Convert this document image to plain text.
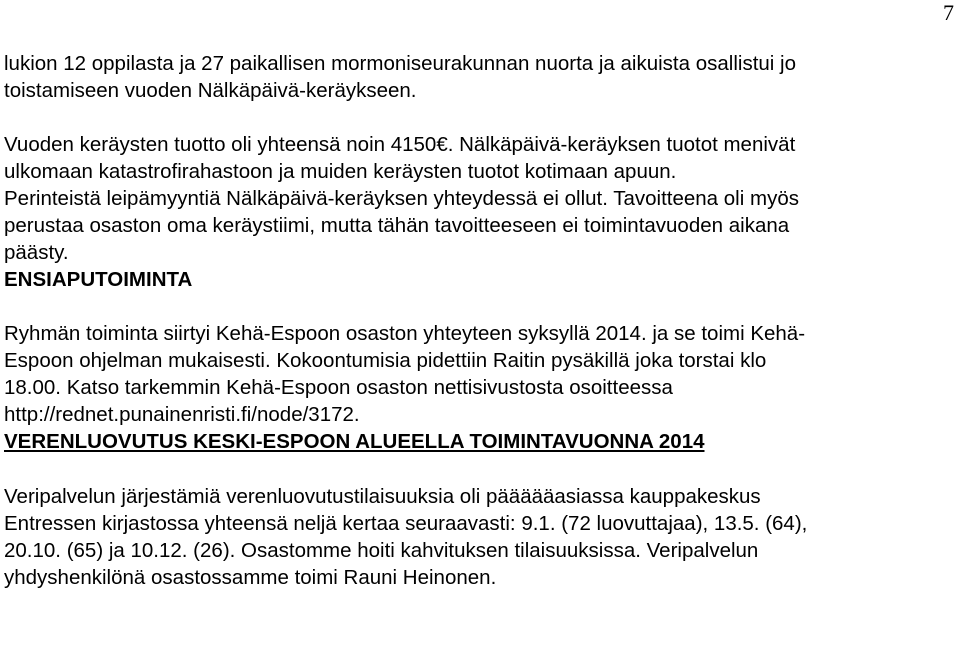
7

lukion 12 oppilasta ja 27 paikallisen mormoniseurakunnan nuorta ja aikuista osallistui jo
toistamiseen vuoden Nälkäpäivä-keräykseen.

Vuoden keräysten tuotto oli yhteensä noin 4150€. Nälkäpäivä-keräyksen tuotot menivät
ulkomaan katastrofirahastoon ja muiden keräysten tuotot kotimaan apuun.
Perinteistä leipämyyntiä Nälkäpäivä-keräyksen yhteydessä ei ollut. Tavoitteena oli myös
perustaa osaston oma keräystiimi, mutta tähän tavoitteeseen ei toimintavuoden aikana
päästy.

ENSIAPUTOIMINTA

Ryhmän toiminta siirtyi Kehä-Espoon osaston yhteyteen syksyllä 2014. ja se toimi Kehä-
Espoon ohjelman mukaisesti. Kokoontumisia pidettiin Raitin pysäkillä joka torstai klo
18.00. Katso tarkemmin Kehä-Espoon osaston nettisivustosta osoitteessa
http://rednet.punainenristi.fi/node/3172.

VERENLUOVUTUS KESKI-ESPOON ALUEELLA TOIMINTAVUONNA 2014

Veripalvelun järjestämiä verenluovutustilaisuuksia oli päääääasiassa kauppakeskus
Entressen kirjastossa yhteensä neljä kertaa seuraavasti: 9.1. (72 luovuttajaa), 13.5. (64),
20.10. (65) ja 10.12. (26). Osastomme hoiti kahvituksen tilaisuuksissa. Veripalvelun
yhdyshenkilönä osastossamme toimi Rauni Heinonen.
